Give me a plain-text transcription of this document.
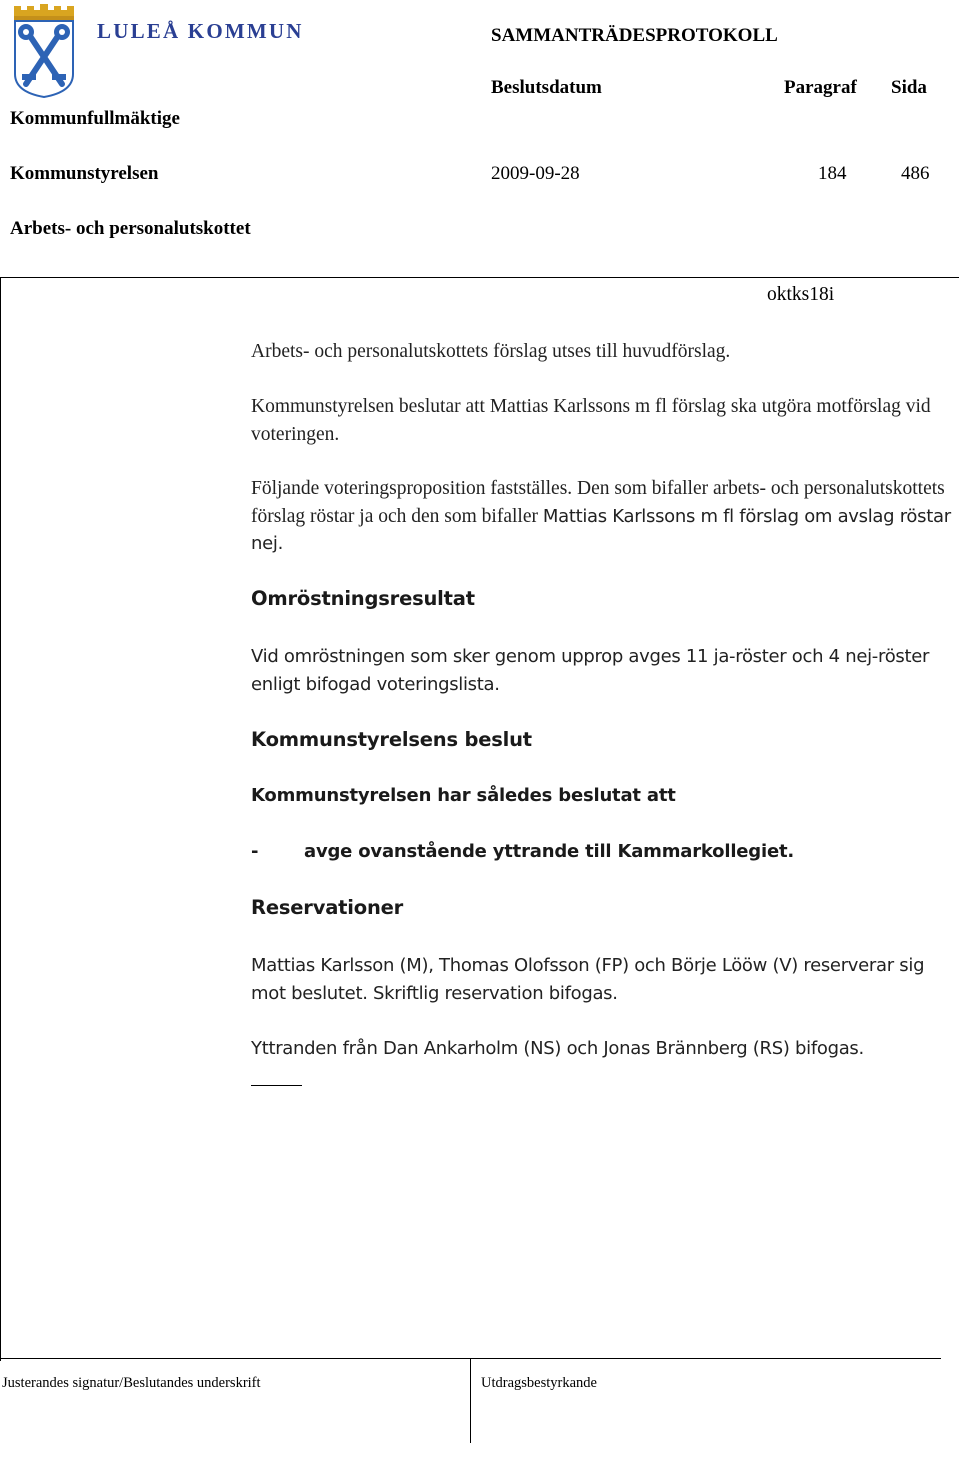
LULEÅ KOMMUN	SAMMANTRÄDESPROTOKOLL
Beslutsdatum	Paragraf Sida
Kommunfullmäktige
Kommunstyrelsen	2009-09-28	184	486
Arbets- och personalutskottet
oktks18i
Arbets- och personalutskottets förslag utses till huvudförslag.
Kommunstyrelsen beslutar att Mattias Karlssons m fl förslag ska utgöra motförslag vid voteringen.
Följande voteringsproposition fastställes. Den som bifaller arbets- och personalutskottets förslag röstar ja och den som bifaller Mattias Karlssons m fl förslag om avslag röstar nej.
Omröstningsresultat
Vid omröstningen som sker genom upprop avges 11 ja-röster och 4 nej-röster enligt bifogad voteringslista.
Kommunstyrelsens beslut
Kommunstyrelsen har således beslutat att
-	avge ovanstående yttrande till Kammarkollegiet.
Reservationer
Mattias Karlsson (M), Thomas Olofsson (FP) och Börje Lööw (V) reserverar sig mot beslutet. Skriftlig reservation bifogas.
Yttranden från Dan Ankarholm (NS) och Jonas Brännberg (RS) bifogas.
Justerandes signatur/Beslutandes underskrift	Utdragsbestyrkande
